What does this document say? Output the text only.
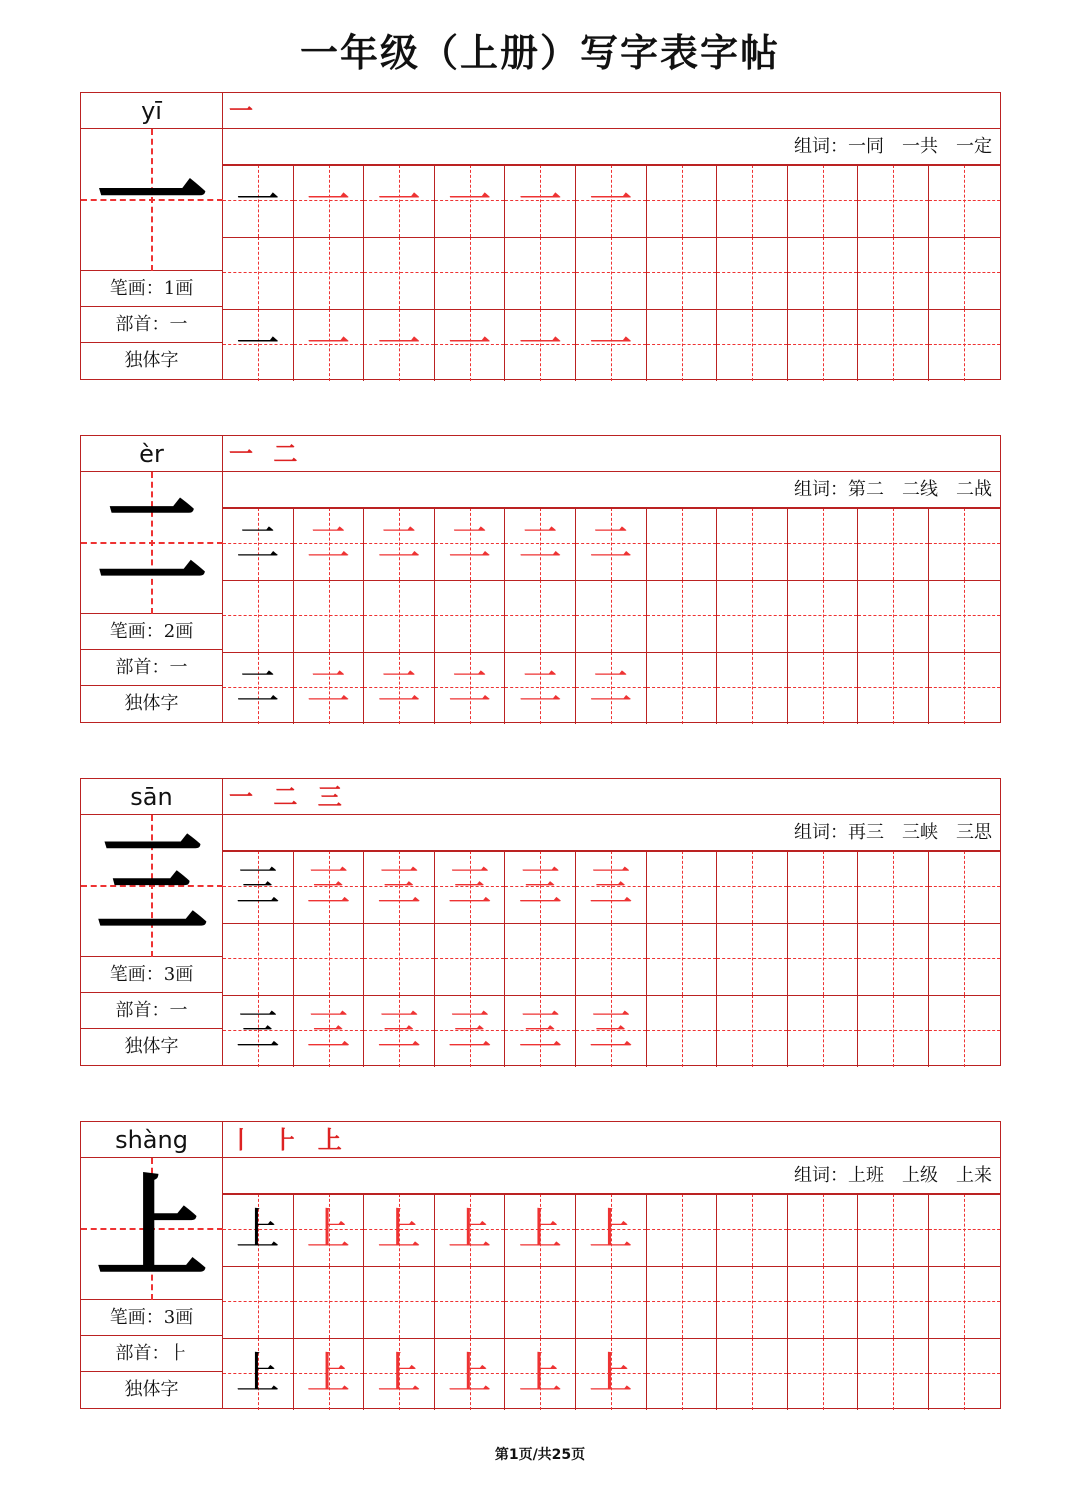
一年级（上册）写字表字帖
yī
一
笔画：1画
部首：一
独体字
一
组词：一同　一共　一定
一 一 一 一 一 一
一 一 一 一 一 一
èr
二
笔画：2画
部首：一
独体字
一 二
组词：第二　二线　二战
二 二 二 二 二 二
二 二 二 二 二 二
sān
三
笔画：3画
部首：一
独体字
一 二 三
组词：再三　三峡　三思
三 三 三 三 三 三
三 三 三 三 三 三
shàng
上
笔画：3画
部首：⺊
独体字
丨 ⺊ 上
组词：上班　上级　上来
上 上 上 上 上 上
上 上 上 上 上 上
第1页/共25页
